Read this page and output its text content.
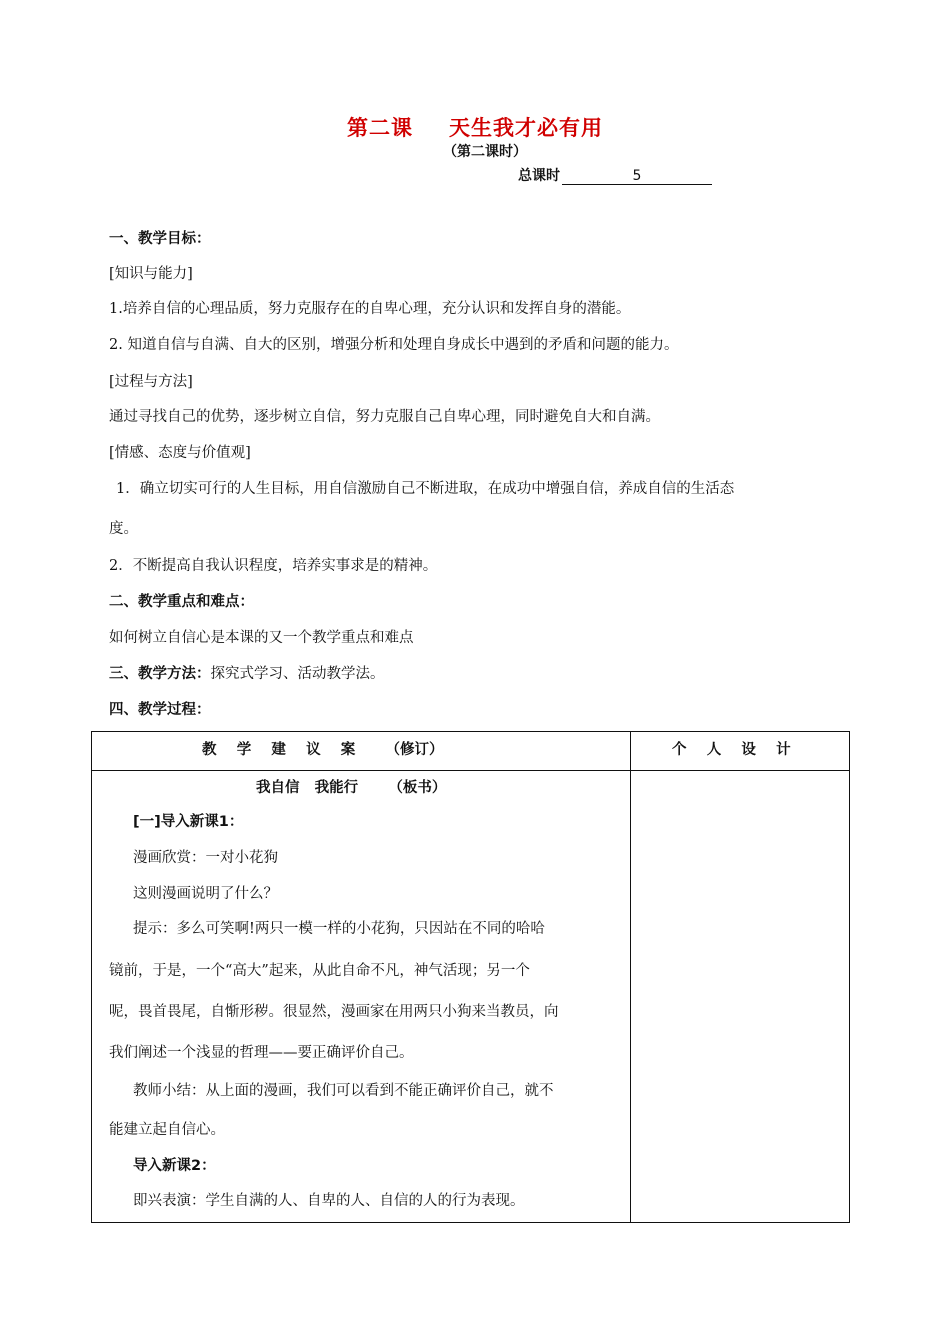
第二课 天生我才必有用
（第二课时）
总课时	5
一、教学目标：
[知识与能力]
1.培养自信的心理品质，努力克服存在的自卑心理，充分认识和发挥自身的潜能。
2. 知道自信与自满、自大的区别，增强分析和处理自身成长中遇到的矛盾和问题的能力。
[过程与方法]
通过寻找自己的优势，逐步树立自信，努力克服自己自卑心理，同时避免自大和自满。
[情感、态度与价值观]
1．确立切实可行的人生目标，用自信激励自己不断进取，在成功中增强自信，养成自信的生活态
度。
2．不断提高自我认识程度，培养实事求是的精神。
二、教学重点和难点：
如何树立自信心是本课的又一个教学重点和难点
三、教学方法：探究式学习、活动教学法。
四、教学过程：
教    学    建    议    案      （修订）	个    人    设    计
我自信   我能行      （板书）
[一]导入新课1：
漫画欣赏：一对小花狗
这则漫画说明了什么？
提示：多么可笑啊!两只一模一样的小花狗，只因站在不同的哈哈
镜前，于是，一个“高大”起来，从此自命不凡，神气活现；另一个
呢，畏首畏尾，自惭形秽。很显然，漫画家在用两只小狗来当教员，向
我们阐述一个浅显的哲理——要正确评价自己。
教师小结：从上面的漫画，我们可以看到不能正确评价自己，就不
能建立起自信心。
导入新课2：
即兴表演：学生自满的人、自卑的人、自信的人的行为表现。
